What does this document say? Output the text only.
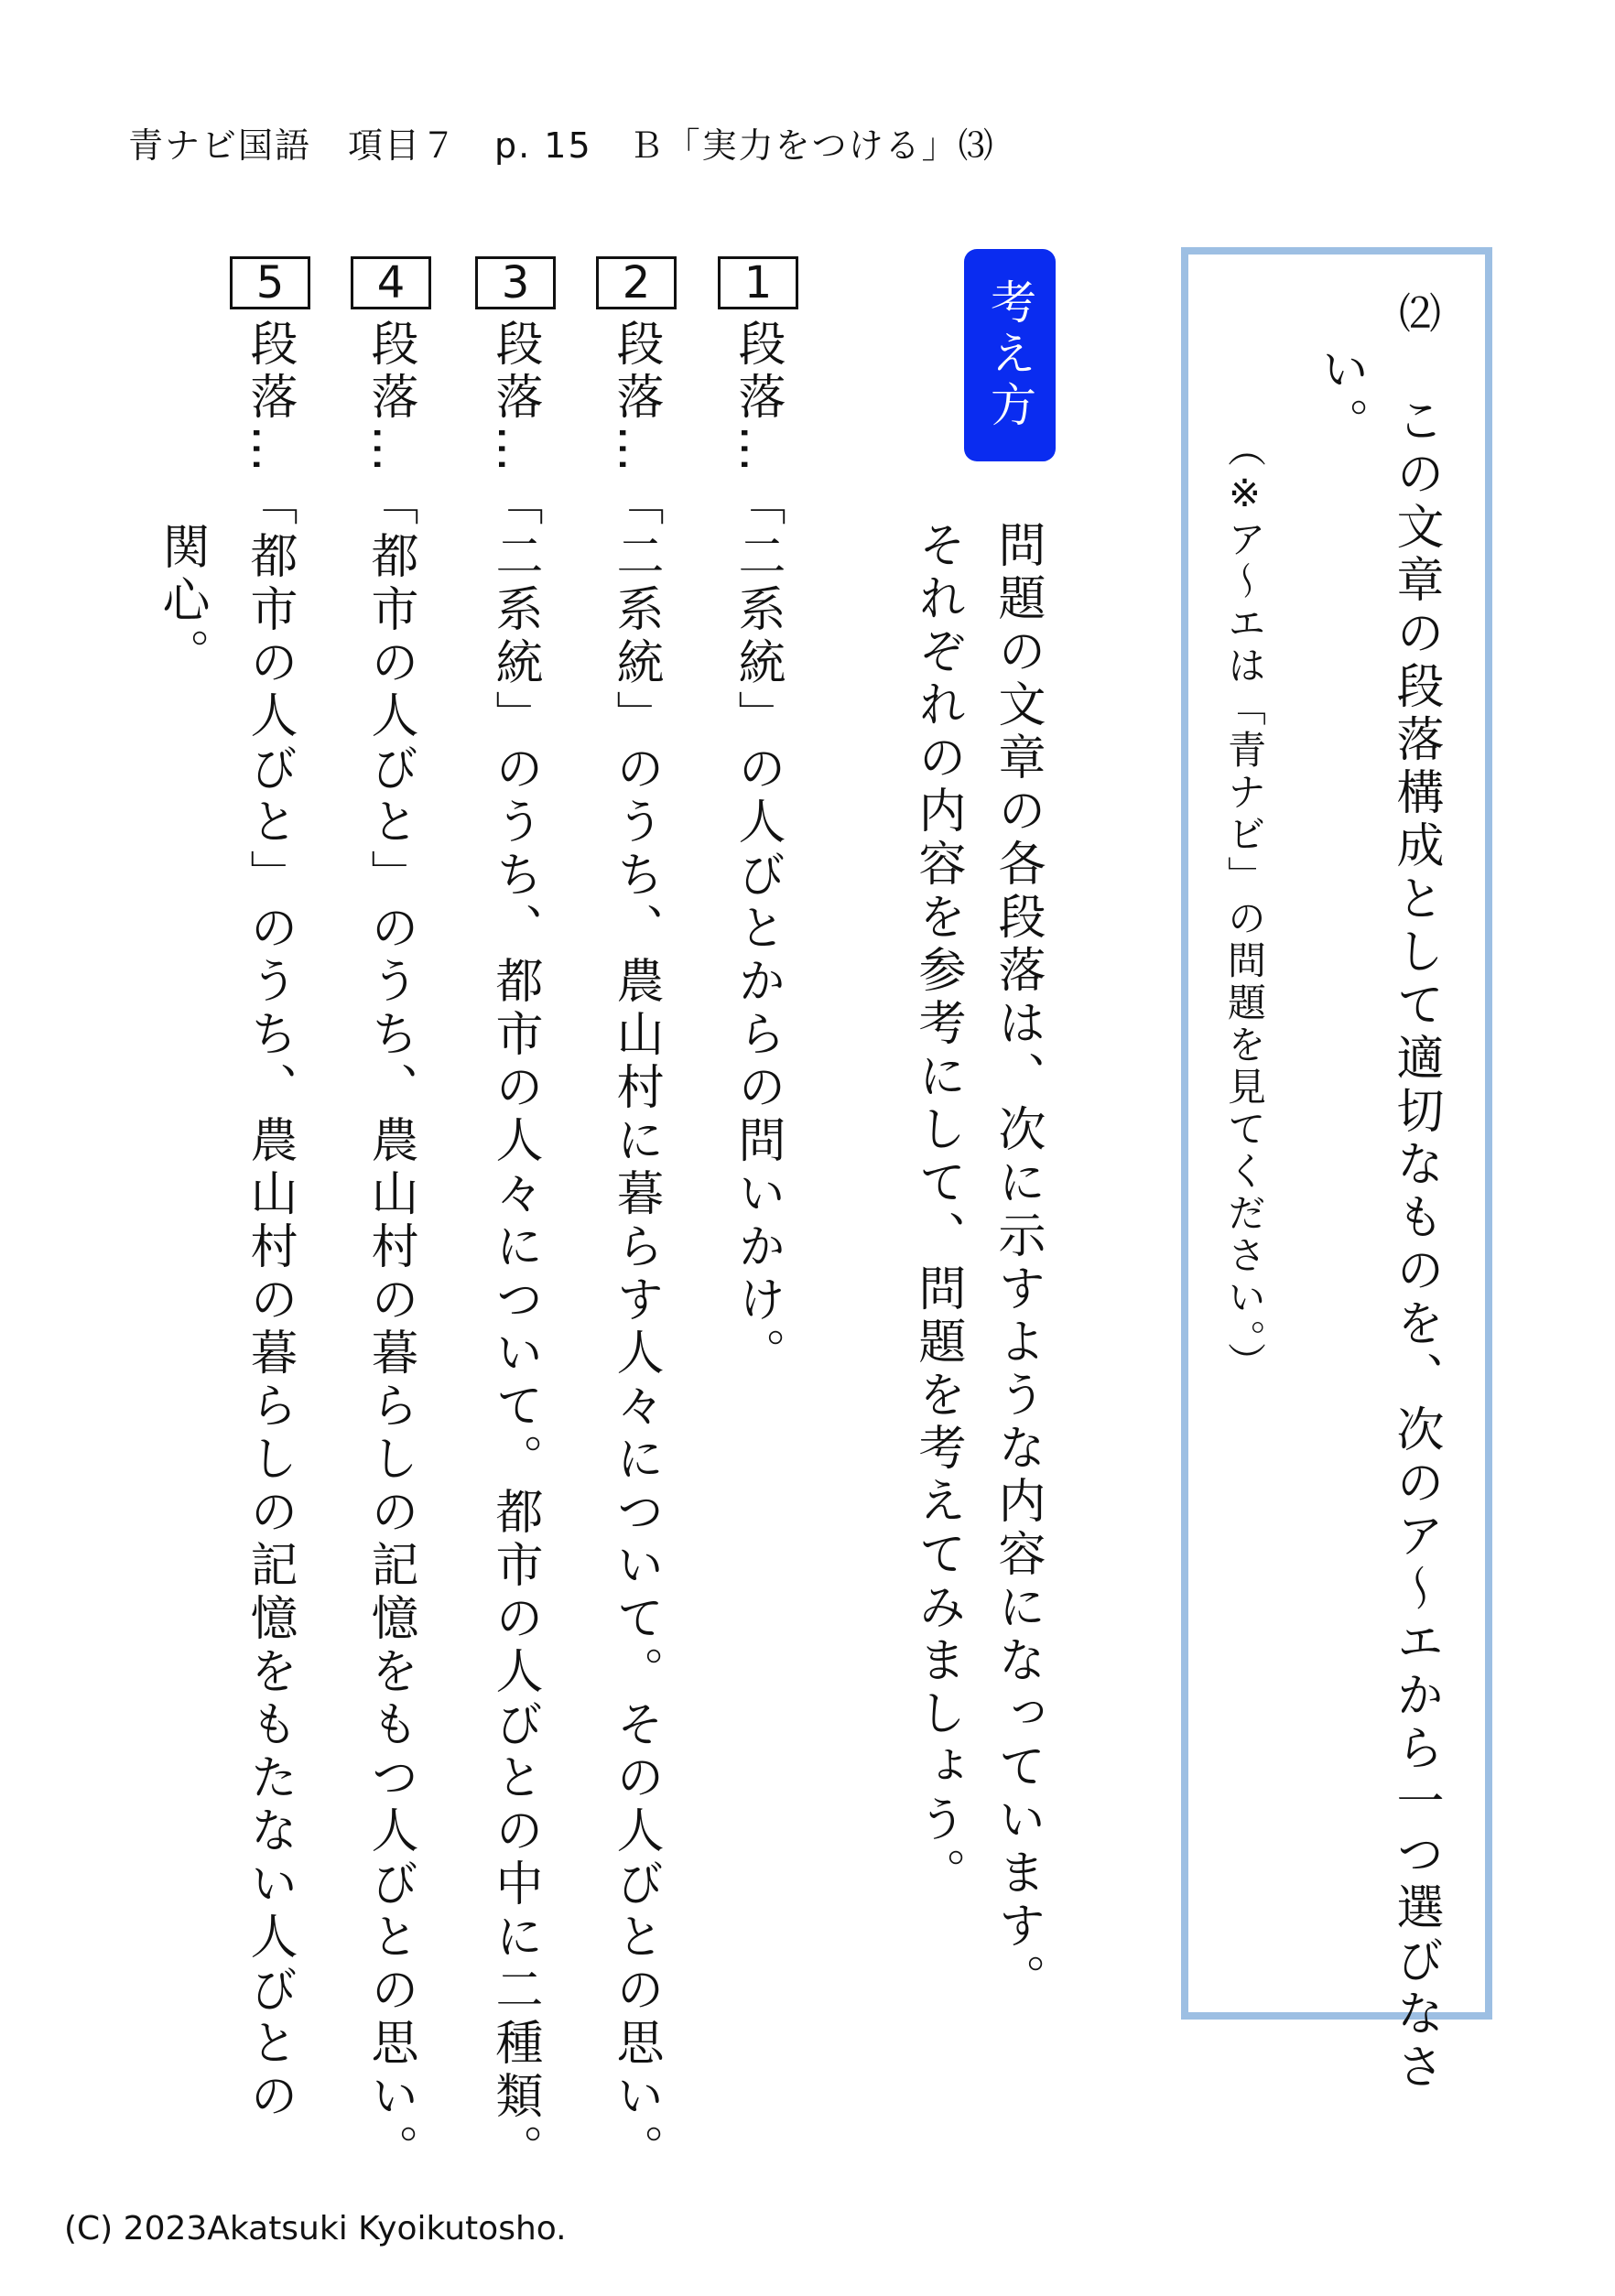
青ナビ国語　項目７　p. 15　Ｂ「実力をつける」⑶
⑵
この文章の段落構成として適切なものを、次のア～エから一つ選びなさ
い。
（※ア～エは「青ナビ」の問題を見てください。）
考え方
問題の文章の各段落は、次に示すような内容になっています。
それぞれの内容を参考にして、問題を考えてみましょう。
1
段落…「二系統」の人びとからの問いかけ。
2
段落…「二系統」のうち、農山村に暮らす人々について。その人びとの思い。
3
段落…「二系統」のうち、都市の人々について。都市の人びとの中に二種類。
4
段落…「都市の人びと」のうち、農山村の暮らしの記憶をもつ人びとの思い。
5
段落…「都市の人びと」のうち、農山村の暮らしの記憶をもたない人びとの
関心。
(C) 2023Akatsuki Kyoikutosho.
